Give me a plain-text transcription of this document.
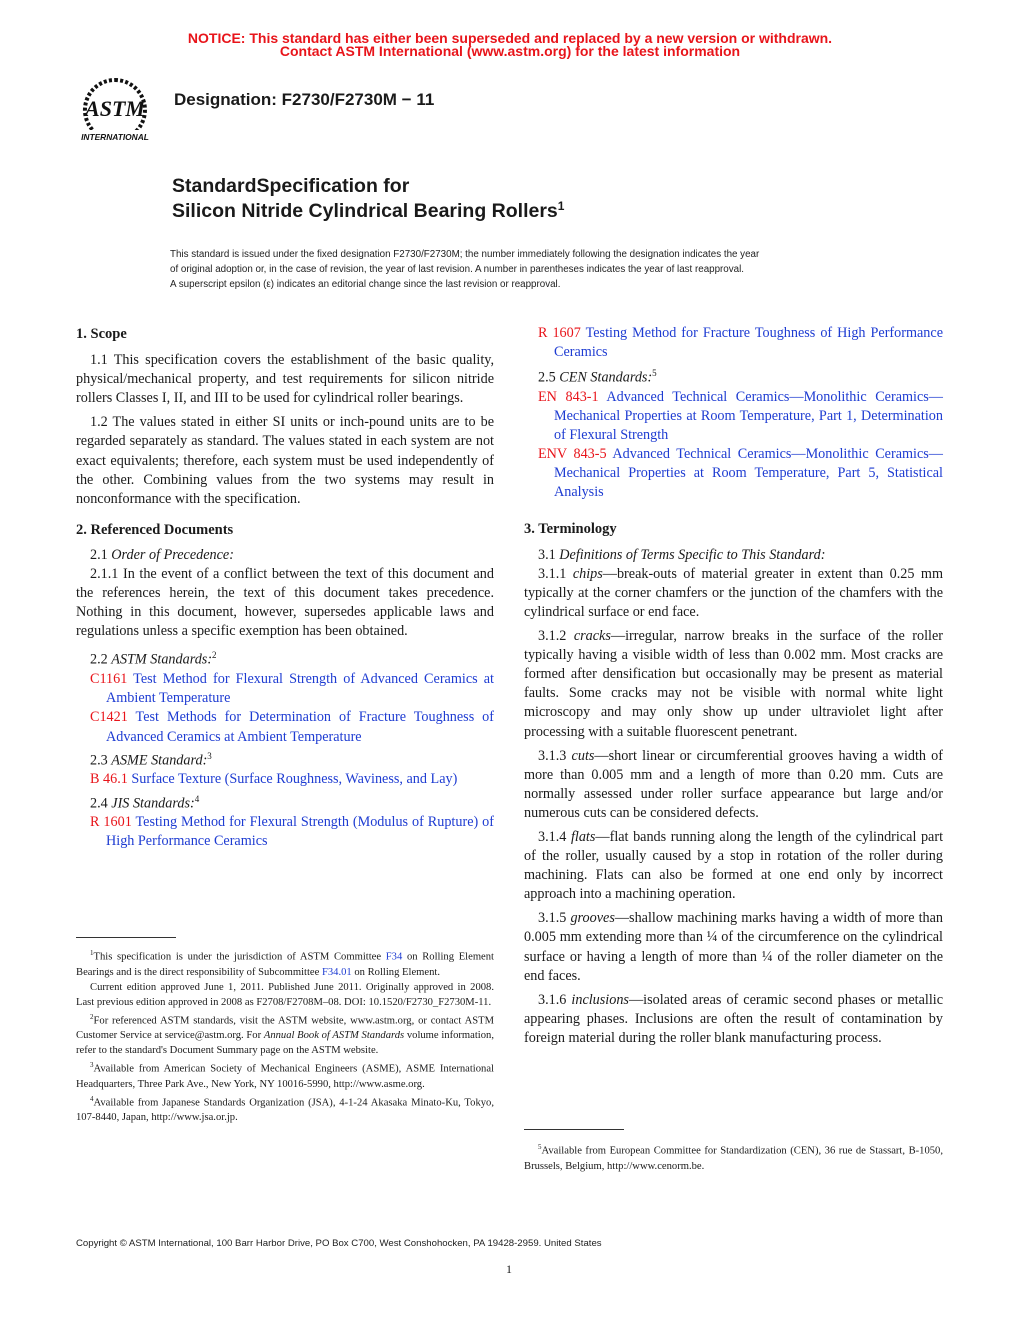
NOTICE: This standard has either been superseded and replaced by a new version or withdrawn.
Contact ASTM International (www.astm.org) for the latest information
ASTM
INTERNATIONAL
Designation: F2730/F2730M − 11
StandardSpecification for
Silicon Nitride Cylindrical Bearing Rollers$^1$
This standard is issued under the fixed designation F2730/F2730M; the number immediately following the designation indicates the year
of original adoption or, in the case of revision, the year of last revision. A number in parentheses indicates the year of last reapproval.
A superscript epsilon (ε) indicates an editorial change since the last revision or reapproval.
1. Scope

1.1 This specification covers the establishment of the basic quality, physical/mechanical property, and test requirements for silicon nitride rollers Classes I, II, and III to be used for cylindrical roller bearings.

1.2 The values stated in either SI units or inch-pound units are to be regarded separately as standard. The values stated in each system are not exact equivalents; therefore, each system must be used independently of the other. Combining values from the two systems may result in nonconformance with the specification.

2. Referenced Documents

2.1 Order of Precedence:

2.1.1 In the event of a conflict between the text of this document and the references herein, the text of this document takes precedence. Nothing in this document, however, supersedes applicable laws and regulations unless a specific exemption has been obtained.

2.2 ASTM Standards:$^2$

C1161 Test Method for Flexural Strength of Advanced Ceramics at Ambient Temperature

C1421 Test Methods for Determination of Fracture Toughness of Advanced Ceramics at Ambient Temperature

2.3 ASME Standard:$^3$

B 46.1 Surface Texture (Surface Roughness, Waviness, and Lay)

2.4 JIS Standards:$^4$

R 1601 Testing Method for Flexural Strength (Modulus of Rupture) of High Performance Ceramics

$^1$This specification is under the jurisdiction of ASTM Committee F34 on Rolling Element Bearings and is the direct responsibility of Subcommittee F34.01 on Rolling Element.

Current edition approved June 1, 2011. Published June 2011. Originally approved in 2008. Last previous edition approved in 2008 as F2708/F2708M–08. DOI: 10.1520/F2730_F2730M-11.

$^2$For referenced ASTM standards, visit the ASTM website, www.astm.org, or contact ASTM Customer Service at service@astm.org. For Annual Book of ASTM Standards volume information, refer to the standard's Document Summary page on the ASTM website.

$^3$Available from American Society of Mechanical Engineers (ASME), ASME International Headquarters, Three Park Ave., New York, NY 10016-5990, http://www.asme.org.

$^4$Available from Japanese Standards Organization (JSA), 4-1-24 Akasaka Minato-Ku, Tokyo, 107-8440, Japan, http://www.jsa.or.jp.

R 1607 Testing Method for Fracture Toughness of High Performance Ceramics

2.5 CEN Standards:$^5$

EN 843-1 Advanced Technical Ceramics—Monolithic Ceramics—Mechanical Properties at Room Temperature, Part 1, Determination of Flexural Strength

ENV 843-5 Advanced Technical Ceramics—Monolithic Ceramics—Mechanical Properties at Room Temperature, Part 5, Statistical Analysis

3. Terminology

3.1 Definitions of Terms Specific to This Standard:

3.1.1 chips—break-outs of material greater in extent than 0.25 mm typically at the corner chamfers or the junction of the chamfers with the cylindrical surface or end face.

3.1.2 cracks—irregular, narrow breaks in the surface of the roller typically having a visible width of less than 0.002 mm. Most cracks are formed after densification but occasionally may be present as material faults. Some cracks may not be visible with normal white light microscopy and may only show up under ultraviolet light after processing with a suitable fluorescent penetrant.

3.1.3 cuts—short linear or circumferential grooves having a width of more than 0.005 mm and a length of more than 0.20 mm. Cuts are normally assessed under roller surface appearance but large and/or numerous cuts can be considered defects.

3.1.4 flats—flat bands running along the length of the cylindrical part of the roller, usually caused by a stop in rotation of the roller during machining. Flats can also be formed at one end only by incorrect approach into a machining operation.

3.1.5 grooves—shallow machining marks having a width of more than 0.005 mm extending more than ¼ of the circumference on the cylindrical surface or having a length of more than ¼ of the roller diameter on the end faces.

3.1.6 inclusions—isolated areas of ceramic second phases or metallic appearing phases. Inclusions are often the result of contamination by foreign material during the roller blank manufacturing process.

$^5$Available from European Committee for Standardization (CEN), 36 rue de Stassart, B-1050, Brussels, Belgium, http://www.cenorm.be.

Copyright © ASTM International, 100 Barr Harbor Drive, PO Box C700, West Conshohocken, PA 19428-2959. United States
1
